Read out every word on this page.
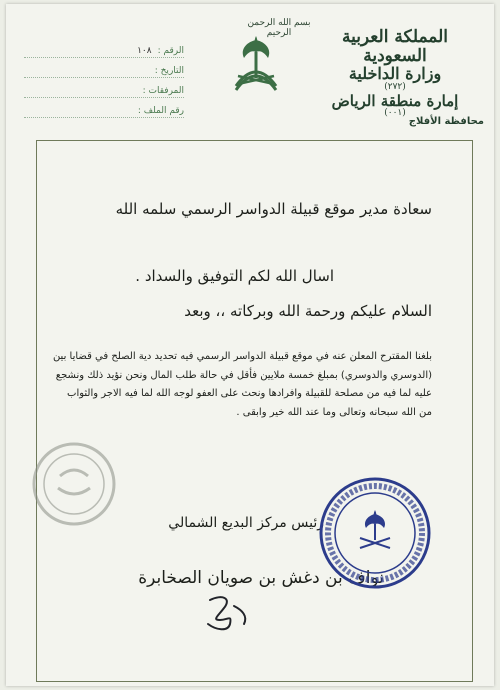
المملكة العربية السعودية
وزارة الداخلية
(٢٧٢)
إمارة منطقة الرياض
(٠٠١)
محافظة الأفلاج
بسم الله الرحمن الرحيم
الرقم :
١٠٨
التاريخ :
المرفقات :
رقم الملف :
سعادة مدير موقع قبيلة الدواسر الرسمي سلمه الله
اسال الله لكم التوفيق والسداد .
السلام عليكم ورحمة الله وبركاته ،، وبعد
بلغنا المقترح المعلن عنه في موقع قبيلة الدواسر الرسمي فيه تحديد دية الصلح في قضايا بين (الدوسري والدوسري) بمبلغ خمسة ملايين فأقل في حالة طلب المال ونحن نؤيد ذلك ونشجع عليه لما فيه من مصلحة للقبيلة وافرادها ونحث على العفو لوجه الله لما فيه الاجر والثواب من الله سبحانه وتعالى وما عند الله خير وابقى .
رئيس مركز البديع الشمالي
نواف بن دغش بن صويان الصخابرة
